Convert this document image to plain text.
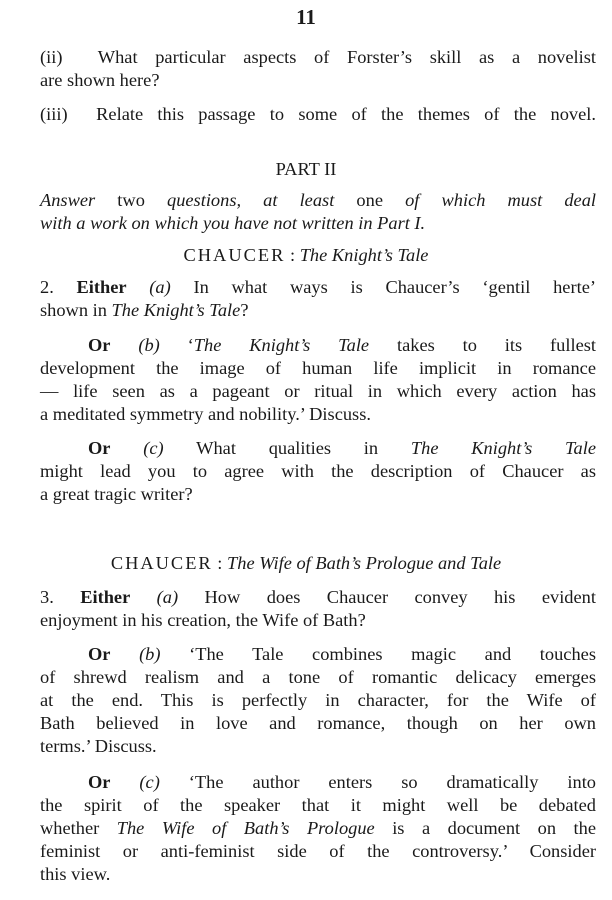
11
(ii) What particular aspects of Forster’s skill as a novelist
are shown here?
(iii) Relate this passage to some of the themes of the novel.
PART II
Answer two questions, at least one of which must deal
with a work on which you have not written in Part I.
CHAUCER : The Knight’s Tale
2. Either (a) In what ways is Chaucer’s ‘gentil herte’
shown in The Knight’s Tale?
Or (b) ‘The Knight’s Tale takes to its fullest
development the image of human life implicit in romance
— life seen as a pageant or ritual in which every action has
a meditated symmetry and nobility.’ Discuss.
Or (c) What qualities in The Knight’s Tale
might lead you to agree with the description of Chaucer as
a great tragic writer?
CHAUCER : The Wife of Bath’s Prologue and Tale
3. Either (a) How does Chaucer convey his evident
enjoyment in his creation, the Wife of Bath?
Or (b) ‘The Tale combines magic and touches
of shrewd realism and a tone of romantic delicacy emerges
at the end. This is perfectly in character, for the Wife of
Bath believed in love and romance, though on her own
terms.’ Discuss.
Or (c) ‘The author enters so dramatically into
the spirit of the speaker that it might well be debated
whether The Wife of Bath’s Prologue is a document on the
feminist or anti-feminist side of the controversy.’ Consider
this view.
